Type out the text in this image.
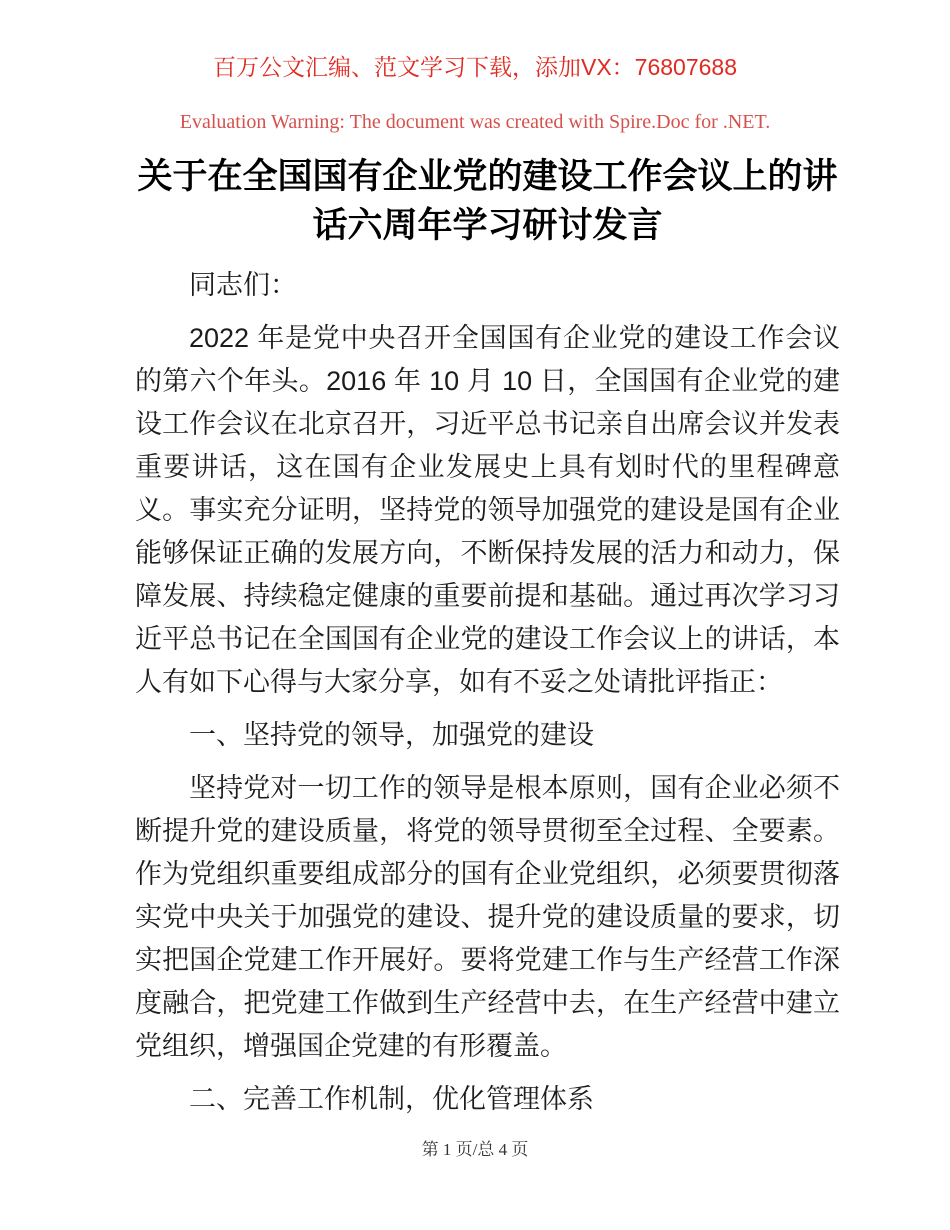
百万公文汇编、范文学习下载，添加VX：76807688
Evaluation Warning: The document was created with Spire.Doc for .NET.
关于在全国国有企业党的建设工作会议上的讲话六周年学习研讨发言

同志们：

2022 年是党中央召开全国国有企业党的建设工作会议的第六个年头。2016 年 10 月 10 日，全国国有企业党的建设工作会议在北京召开，习近平总书记亲自出席会议并发表重要讲话，这在国有企业发展史上具有划时代的里程碑意义。事实充分证明，坚持党的领导加强党的建设是国有企业能够保证正确的发展方向，不断保持发展的活力和动力，保障发展、持续稳定健康的重要前提和基础。通过再次学习习近平总书记在全国国有企业党的建设工作会议上的讲话，本人有如下心得与大家分享，如有不妥之处请批评指正：

一、坚持党的领导，加强党的建设

坚持党对一切工作的领导是根本原则，国有企业必须不断提升党的建设质量，将党的领导贯彻至全过程、全要素。作为党组织重要组成部分的国有企业党组织，必须要贯彻落实党中央关于加强党的建设、提升党的建设质量的要求，切实把国企党建工作开展好。要将党建工作与生产经营工作深度融合，把党建工作做到生产经营中去，在生产经营中建立党组织，增强国企党建的有形覆盖。

二、完善工作机制，优化管理体系

第 1 页/总 4 页
